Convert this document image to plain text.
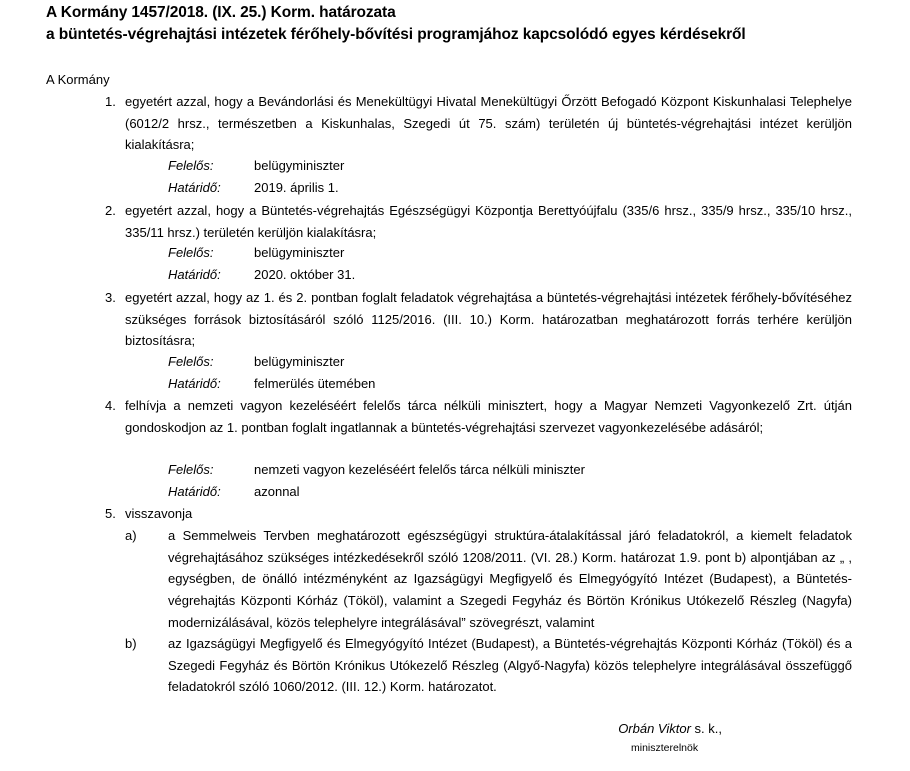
A Kormány 1457/2018. (IX. 25.) Korm. határozata
a büntetés-végrehajtási intézetek férőhely-bővítési programjához kapcsolódó egyes kérdésekről
A Kormány
1. egyetért azzal, hogy a Bevándorlási és Menekültügyi Hivatal Menekültügyi Őrzött Befogadó Központ Kiskunhalasi Telephelye (6012/2 hrsz., természetben a Kiskunhalas, Szegedi út 75. szám) területén új büntetés-végrehajtási intézet kerüljön kialakításra;
Felelős:	belügyminiszter
Határidő:	2019. április 1.
2. egyetért azzal, hogy a Büntetés-végrehajtás Egészségügyi Központja Berettyóújfalu (335/6 hrsz., 335/9 hrsz., 335/10 hrsz., 335/11 hrsz.) területén kerüljön kialakításra;
Felelős:	belügyminiszter
Határidő:	2020. október 31.
3. egyetért azzal, hogy az 1. és 2. pontban foglalt feladatok végrehajtása a büntetés-végrehajtási intézetek férőhely-bővítéséhez szükséges források biztosításáról szóló 1125/2016. (III. 10.) Korm. határozatban meghatározott forrás terhére kerüljön biztosításra;
Felelős:	belügyminiszter
Határidő:	felmerülés ütemében
4. felhívja a nemzeti vagyon kezeléséért felelős tárca nélküli minisztert, hogy a Magyar Nemzeti Vagyonkezelő Zrt. útján gondoskodjon az 1. pontban foglalt ingatlannak a büntetés-végrehajtási szervezet vagyonkezelésébe adásáról;
Felelős:	nemzeti vagyon kezeléséért felelős tárca nélküli miniszter
Határidő:	azonnal
5. visszavonja
a) a Semmelweis Tervben meghatározott egészségügyi struktúra-átalakítással járó feladatokról, a kiemelt feladatok végrehajtásához szükséges intézkedésekről szóló 1208/2011. (VI. 28.) Korm. határozat 1.9. pont b) alpontjában az „ , egységben, de önálló intézményként az Igazságügyi Megfigyelő és Elmegyógyító Intézet (Budapest), a Büntetés-végrehajtás Központi Kórház (Tököl), valamint a Szegedi Fegyház és Börtön Krónikus Utókezelő Részleg (Nagyfa) modernizálásával, közös telephelyre integrálásával” szövegrészt, valamint
b) az Igazságügyi Megfigyelő és Elmegyógyító Intézet (Budapest), a Büntetés-végrehajtás Központi Kórház (Tököl) és a Szegedi Fegyház és Börtön Krónikus Utókezelő Részleg (Algyő-Nagyfa) közös telephelyre integrálásával összefüggő feladatokról szóló 1060/2012. (III. 12.) Korm. határozatot.
Orbán Viktor s. k.,
miniszterelnök
